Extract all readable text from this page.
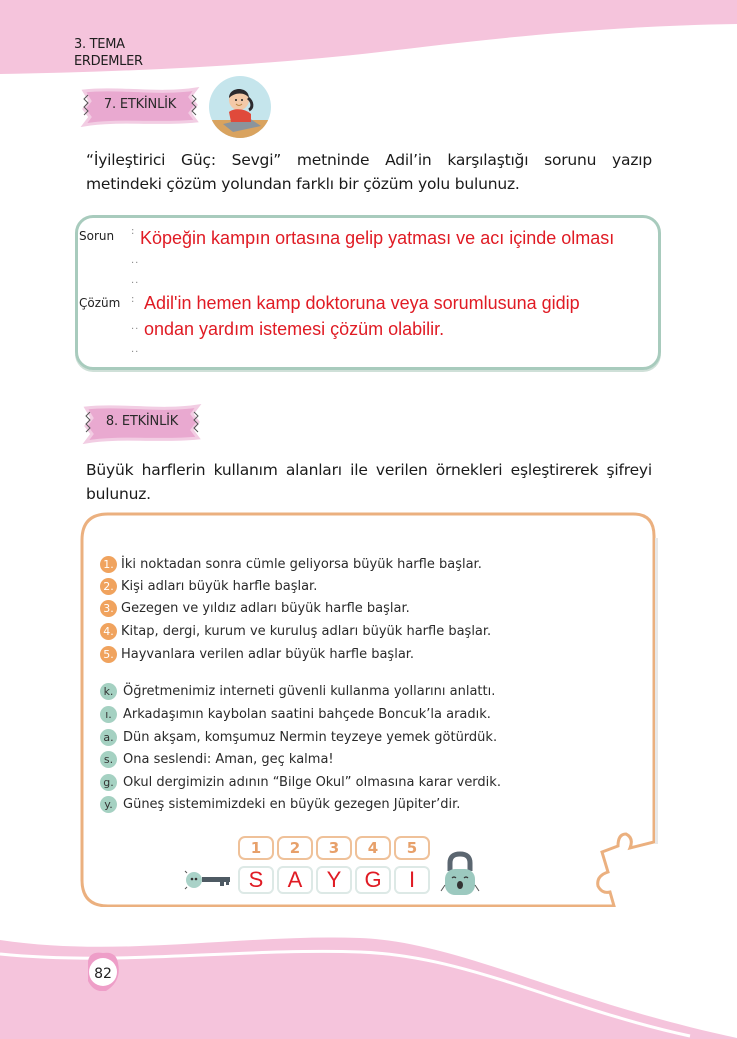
3. TEMA
ERDEMLER
7. ETKİNLİK
“İyileştirici Güç: Sevgi” metninde Adil’in karşılaştığı sorunu yazıp metindeki çözüm yolundan farklı bir çözüm yolu bulunuz.
Sorun :
..
..
Köpeğin kampın ortasına gelip yatması ve acı içinde olması
Çözüm :
..
..
Adil'in hemen kamp doktoruna veya sorumlusuna gidip
ondan yardım istemesi çözüm olabilir.
8. ETKİNLİK
Büyük harflerin kullanım alanları ile verilen örnekleri eşleştirerek şifreyi bulunuz.
1. İki noktadan sonra cümle geliyorsa büyük harfle başlar.
2. Kişi adları büyük harfle başlar.
3. Gezegen ve yıldız adları büyük harfle başlar.
4. Kitap, dergi, kurum ve kuruluş adları büyük harfle başlar.
5. Hayvanlara verilen adlar büyük harfle başlar.
k. Öğretmenimiz interneti güvenli kullanma yollarını anlattı.
ı. Arkadaşımın kaybolan saatini bahçede Boncuk’la aradık.
a. Dün akşam, komşumuz Nermin teyzeye yemek götürdük.
s. Ona seslendi: Aman, geç kalma!
g. Okul dergimizin adının “Bilge Okul” olmasına karar verdik.
y. Güneş sistemimizdeki en büyük gezegen Jüpiter’dir.
1	2	3	4	5
S	A	Y	G	I
82
